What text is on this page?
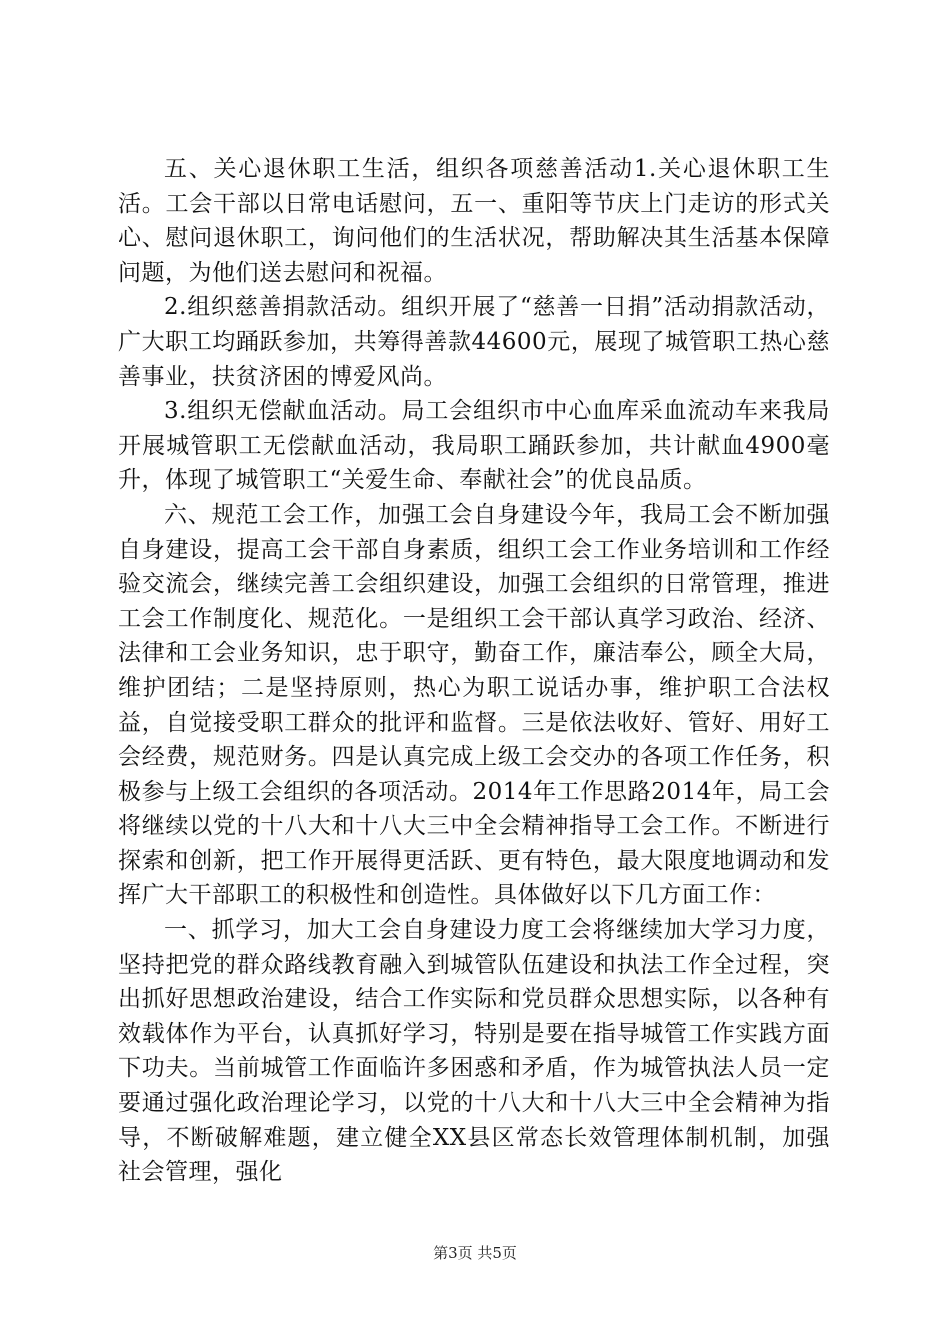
五、关心退休职工生活，组织各项慈善活动1.关心退休职工生活。工会干部以日常电话慰问，五一、重阳等节庆上门走访的形式关心、慰问退休职工，询问他们的生活状况，帮助解决其生活基本保障问题，为他们送去慰问和祝福。

2.组织慈善捐款活动。组织开展了“慈善一日捐”活动捐款活动，广大职工均踊跃参加，共筹得善款44600元，展现了城管职工热心慈善事业，扶贫济困的博爱风尚。

3.组织无偿献血活动。局工会组织市中心血库采血流动车来我局开展城管职工无偿献血活动，我局职工踊跃参加，共计献血4900毫升，体现了城管职工“关爱生命、奉献社会”的优良品质。

六、规范工会工作，加强工会自身建设今年，我局工会不断加强自身建设，提高工会干部自身素质，组织工会工作业务培训和工作经验交流会，继续完善工会组织建设，加强工会组织的日常管理，推进工会工作制度化、规范化。一是组织工会干部认真学习政治、经济、法律和工会业务知识，忠于职守，勤奋工作，廉洁奉公，顾全大局，维护团结；二是坚持原则，热心为职工说话办事，维护职工合法权益，自觉接受职工群众的批评和监督。三是依法收好、管好、用好工会经费，规范财务。四是认真完成上级工会交办的各项工作任务，积极参与上级工会组织的各项活动。2014年工作思路2014年，局工会将继续以党的十八大和十八大三中全会精神指导工会工作。不断进行探索和创新，把工作开展得更活跃、更有特色，最大限度地调动和发挥广大干部职工的积极性和创造性。具体做好以下几方面工作：

一、抓学习，加大工会自身建设力度工会将继续加大学习力度，坚持把党的群众路线教育融入到城管队伍建设和执法工作全过程，突出抓好思想政治建设，结合工作实际和党员群众思想实际，以各种有效载体作为平台，认真抓好学习，特别是要在指导城管工作实践方面下功夫。当前城管工作面临许多困惑和矛盾，作为城管执法人员一定要通过强化政治理论学习，以党的十八大和十八大三中全会精神为指导，不断破解难题，建立健全XX县区常态长效管理体制机制，加强社会管理，强化

第3页 共5页
